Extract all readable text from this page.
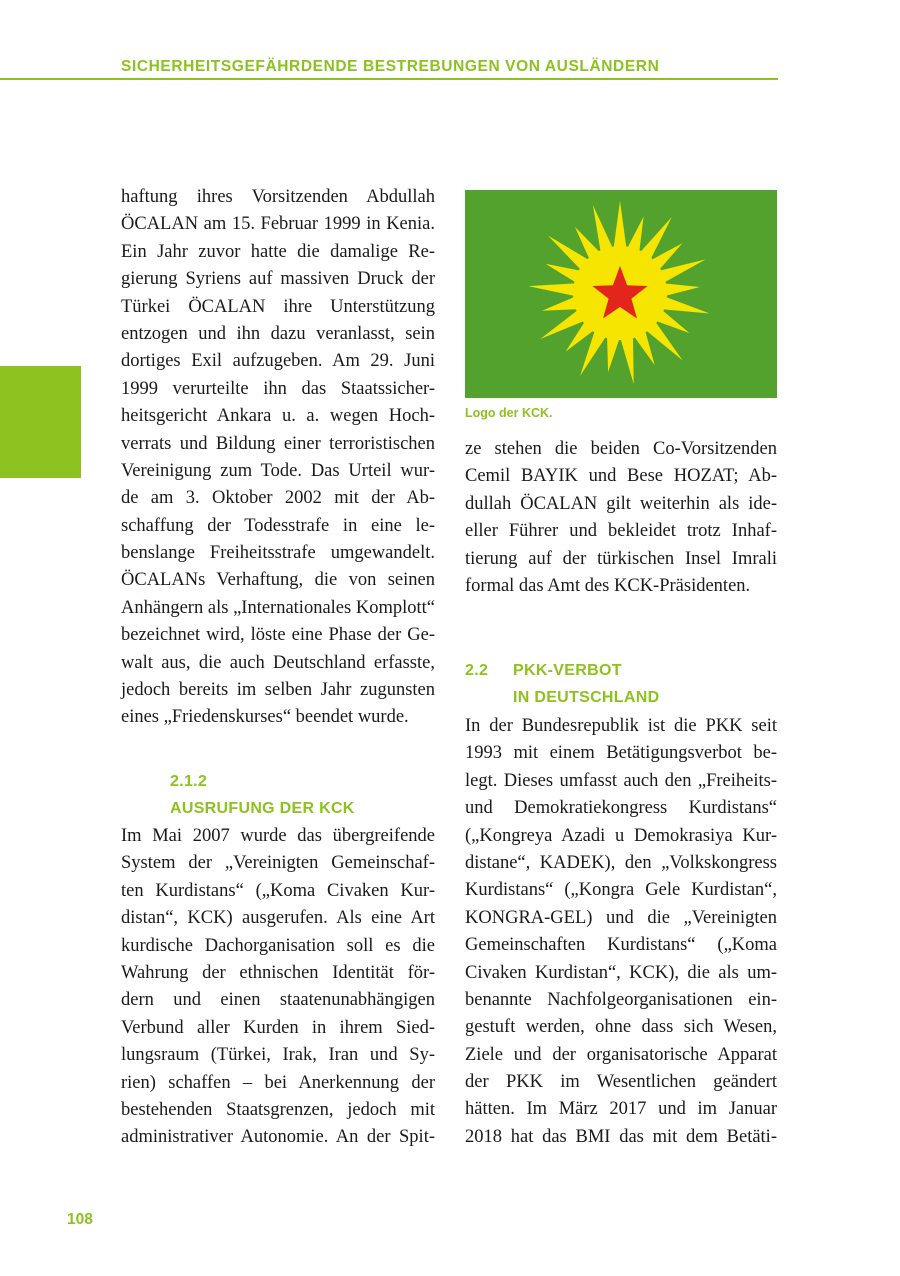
SICHERHEITSGEFÄHRDENDE BESTREBUNGEN VON AUSLÄNDERN

haftung ihres Vorsitzenden Abdullah
ÖCALAN am 15. Februar 1999 in Kenia.
Ein Jahr zuvor hatte die damalige Re-
gierung Syriens auf massiven Druck der
Türkei ÖCALAN ihre Unterstützung
entzogen und ihn dazu veranlasst, sein
dortiges Exil aufzugeben. Am 29. Juni
1999 verurteilte ihn das Staatssicher-
heitsgericht Ankara u. a. wegen Hoch-
verrats und Bildung einer terroristischen
Vereinigung zum Tode. Das Urteil wur-
de am 3. Oktober 2002 mit der Ab-
schaffung der Todesstrafe in eine le-
benslange Freiheitsstrafe umgewandelt.
ÖCALANs Verhaftung, die von seinen
Anhängern als „Internationales Komplott“
bezeichnet wird, löste eine Phase der Ge-
walt aus, die auch Deutschland erfasste,
jedoch bereits im selben Jahr zugunsten
eines „Friedenskurses“ beendet wurde.

2.1.2
AUSRUFUNG DER KCK

Im Mai 2007 wurde das übergreifende
System der „Vereinigten Gemeinschaf-
ten Kurdistans“ („Koma Civaken Kur-
distan“, KCK) ausgerufen. Als eine Art
kurdische Dachorganisation soll es die
Wahrung der ethnischen Identität för-
dern und einen staatenunabhängigen
Verbund aller Kurden in ihrem Sied-
lungsraum (Türkei, Irak, Iran und Sy-
rien) schaffen – bei Anerkennung der
bestehenden Staatsgrenzen, jedoch mit
administrativer Autonomie. An der Spit-

Logo der KCK.

ze stehen die beiden Co-Vorsitzenden
Cemil BAYIK und Bese HOZAT; Ab-
dullah ÖCALAN gilt weiterhin als ide-
eller Führer und bekleidet trotz Inhaf-
tierung auf der türkischen Insel Imrali
formal das Amt des KCK-Präsidenten.

2.2 PKK-VERBOT
IN DEUTSCHLAND

In der Bundesrepublik ist die PKK seit
1993 mit einem Betätigungsverbot be-
legt. Dieses umfasst auch den „Freiheits-
und Demokratiekongress Kurdistans“
(„Kongreya Azadi u Demokrasiya Kur-
distane“, KADEK), den „Volkskongress
Kurdistans“ („Kongra Gele Kurdistan“,
KONGRA-GEL) und die „Vereinigten
Gemeinschaften Kurdistans“ („Koma
Civaken Kurdistan“, KCK), die als um-
benannte Nachfolgeorganisationen ein-
gestuft werden, ohne dass sich Wesen,
Ziele und der organisatorische Apparat
der PKK im Wesentlichen geändert
hätten. Im März 2017 und im Januar
2018 hat das BMI das mit dem Betäti-

108
